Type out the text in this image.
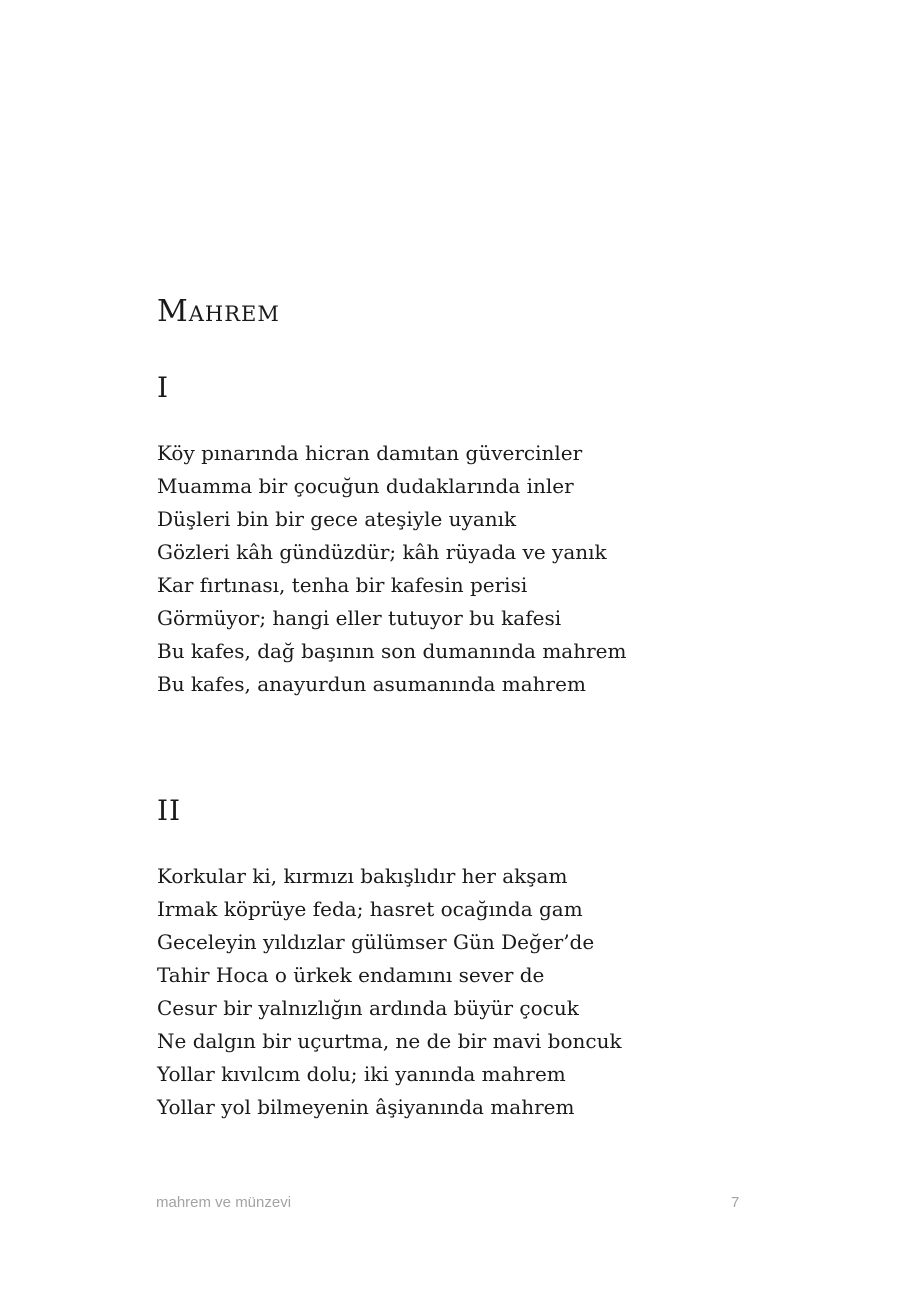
Mahrem
I
Köy pınarında hicran damıtan güvercinler
Muamma bir çocuğun dudaklarında inler
Düşleri bin bir gece ateşiyle uyanık
Gözleri kâh gündüzdür; kâh rüyada ve yanık
Kar fırtınası, tenha bir kafesin perisi
Görmüyor; hangi eller tutuyor bu kafesi
Bu kafes, dağ başının son dumanında mahrem
Bu kafes, anayurdun asumanında mahrem
II
Korkular ki, kırmızı bakışlıdır her akşam
Irmak köprüye feda; hasret ocağında gam
Geceleyin yıldızlar gülümser Gün Değer’de
Tahir Hoca o ürkek endamını sever de
Cesur bir yalnızlığın ardında büyür çocuk
Ne dalgın bir uçurtma, ne de bir mavi boncuk
Yollar kıvılcım dolu; iki yanında mahrem
Yollar yol bilmeyenin âşiyanında mahrem
mahrem ve münzevi	7
